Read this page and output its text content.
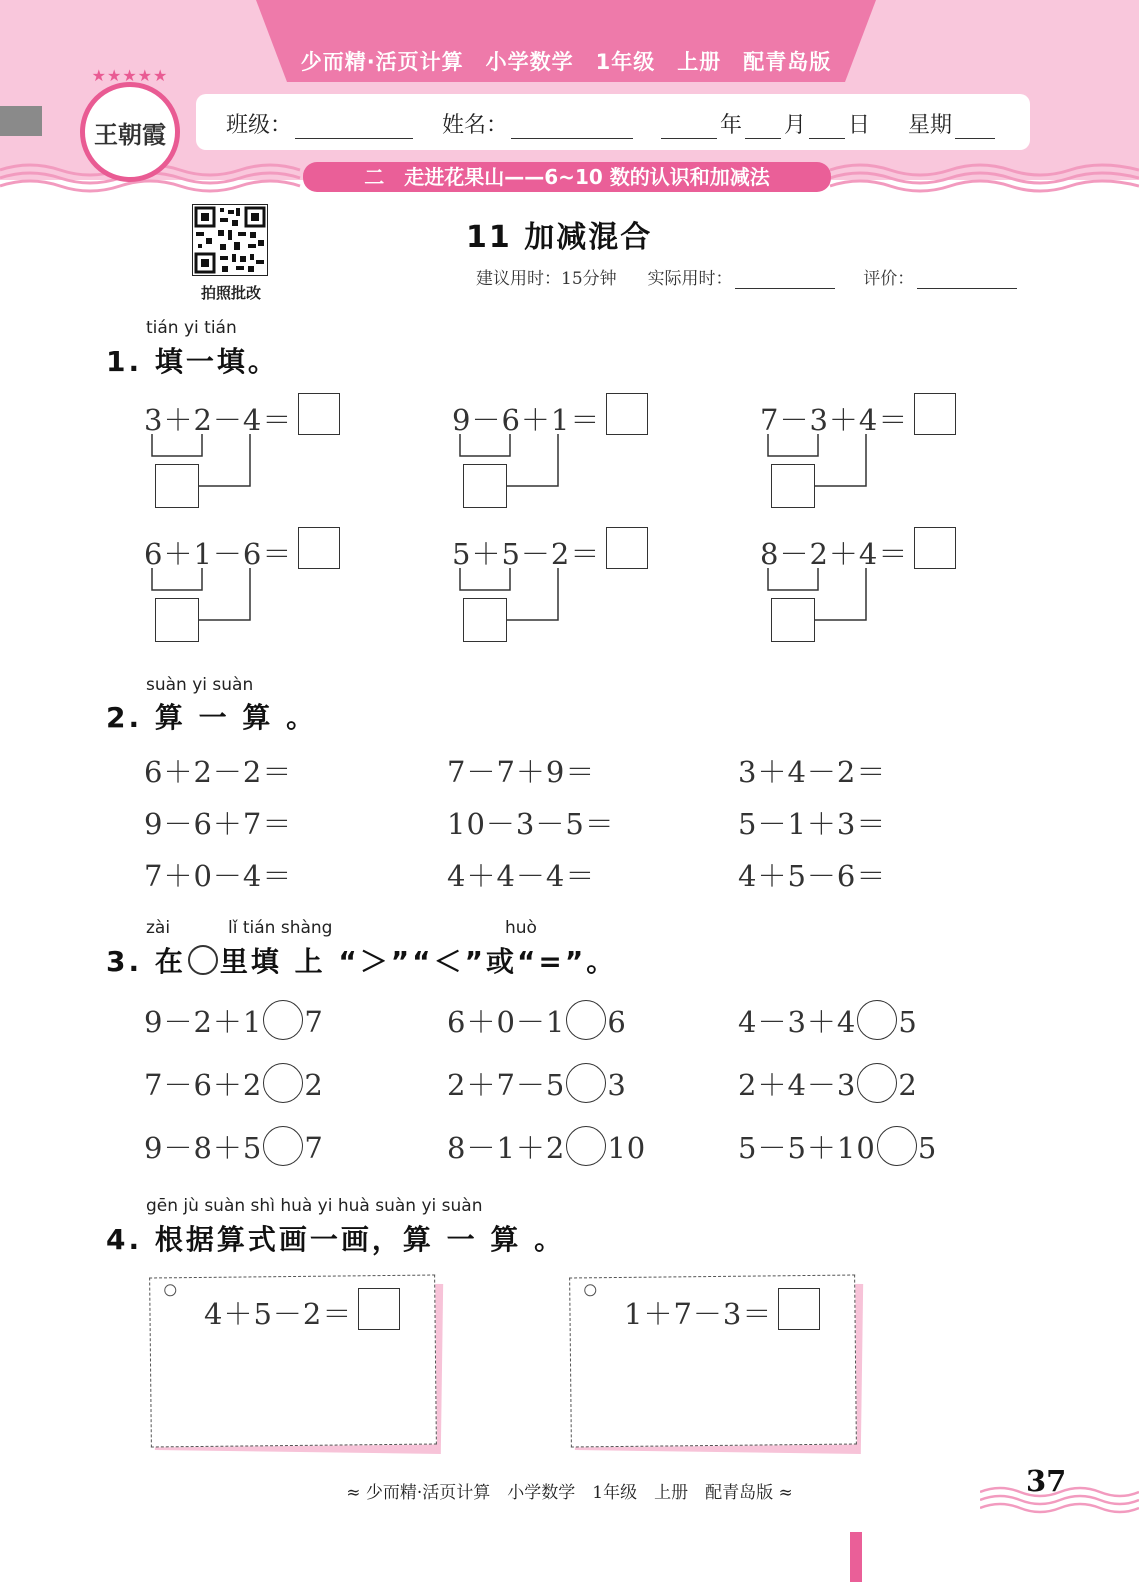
少而精·活页计算　小学数学　1年级　上册　配青岛版
班级：	姓名：	年 月 日 星期
二　走进花果山——6~10 数的认识和加减法
★★★★★
王朝霞
拍照批改
11 加减混合
建议用时：15分钟 实际用时：	评价：
tián yi tián
1. 填一填。
3＋2－4＝	9－6＋1＝	7－3＋4＝
6＋1－6＝	5＋5－2＝	8－2＋4＝
suàn yi suàn
2. 算 一 算 。
6＋2－2＝	7－7＋9＝	3＋4－2＝
9－6＋7＝	10－3－5＝	5－1＋3＝
7＋0－4＝	4＋4－4＝	4＋5－6＝
zài	lǐ tián shàng	huò
3. 在 里填 上 “＞”“＜”或“=”。
9－2＋1 7	6＋0－1 6	4－3＋4 5
7－6＋2 2	2＋7－5 3	2＋4－3 2
9－8＋5 7	8－1＋2 10	5－5＋10 5
gēn jù suàn shì huà yi huà suàn yi suàn
4. 根据算式画一画，算 一 算 。
4＋5－2＝	1＋7－3＝
≈ 少而精·活页计算　小学数学　1年级　上册　配青岛版 ≈	37
